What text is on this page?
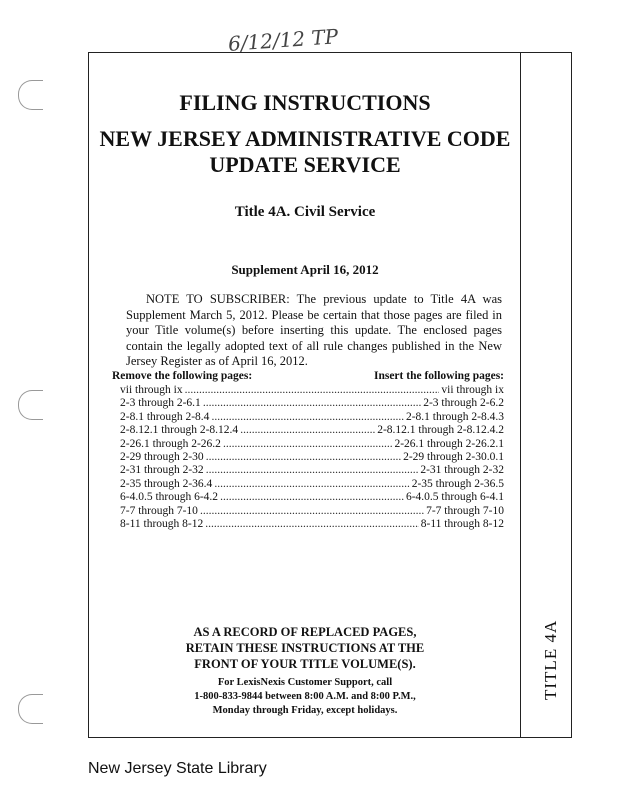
6/12/12 TP
TITLE 4A
FILING INSTRUCTIONS
NEW JERSEY ADMINISTRATIVE CODE
UPDATE SERVICE
Title 4A. Civil Service
Supplement April 16, 2012
NOTE TO SUBSCRIBER: The previous update to Title 4A was Supplement March 5, 2012. Please be certain that those pages are filed in your Title volume(s) before inserting this update. The enclosed pages contain the legally adopted text of all rule changes published in the New Jersey Register as of April 16, 2012.
Remove the following pages:	Insert the following pages:
vii through ix .....	vii through ix
2-3 through 2-6.1 .....	2-3 through 2-6.2
2-8.1 through 2-8.4 .....	2-8.1 through 2-8.4.3
2-8.12.1 through 2-8.12.4 .....	2-8.12.1 through 2-8.12.4.2
2-26.1 through 2-26.2 .....	2-26.1 through 2-26.2.1
2-29 through 2-30 .....	2-29 through 2-30.0.1
2-31 through 2-32 .....	2-31 through 2-32
2-35 through 2-36.4 .....	2-35 through 2-36.5
6-4.0.5 through 6-4.2 .....	6-4.0.5 through 6-4.1
7-7 through 7-10 .....	7-7 through 7-10
8-11 through 8-12 .....	8-11 through 8-12
AS A RECORD OF REPLACED PAGES,
RETAIN THESE INSTRUCTIONS AT THE
FRONT OF YOUR TITLE VOLUME(S).
For LexisNexis Customer Support, call
1-800-833-9844 between 8:00 A.M. and 8:00 P.M.,
Monday through Friday, except holidays.
New Jersey State Library
